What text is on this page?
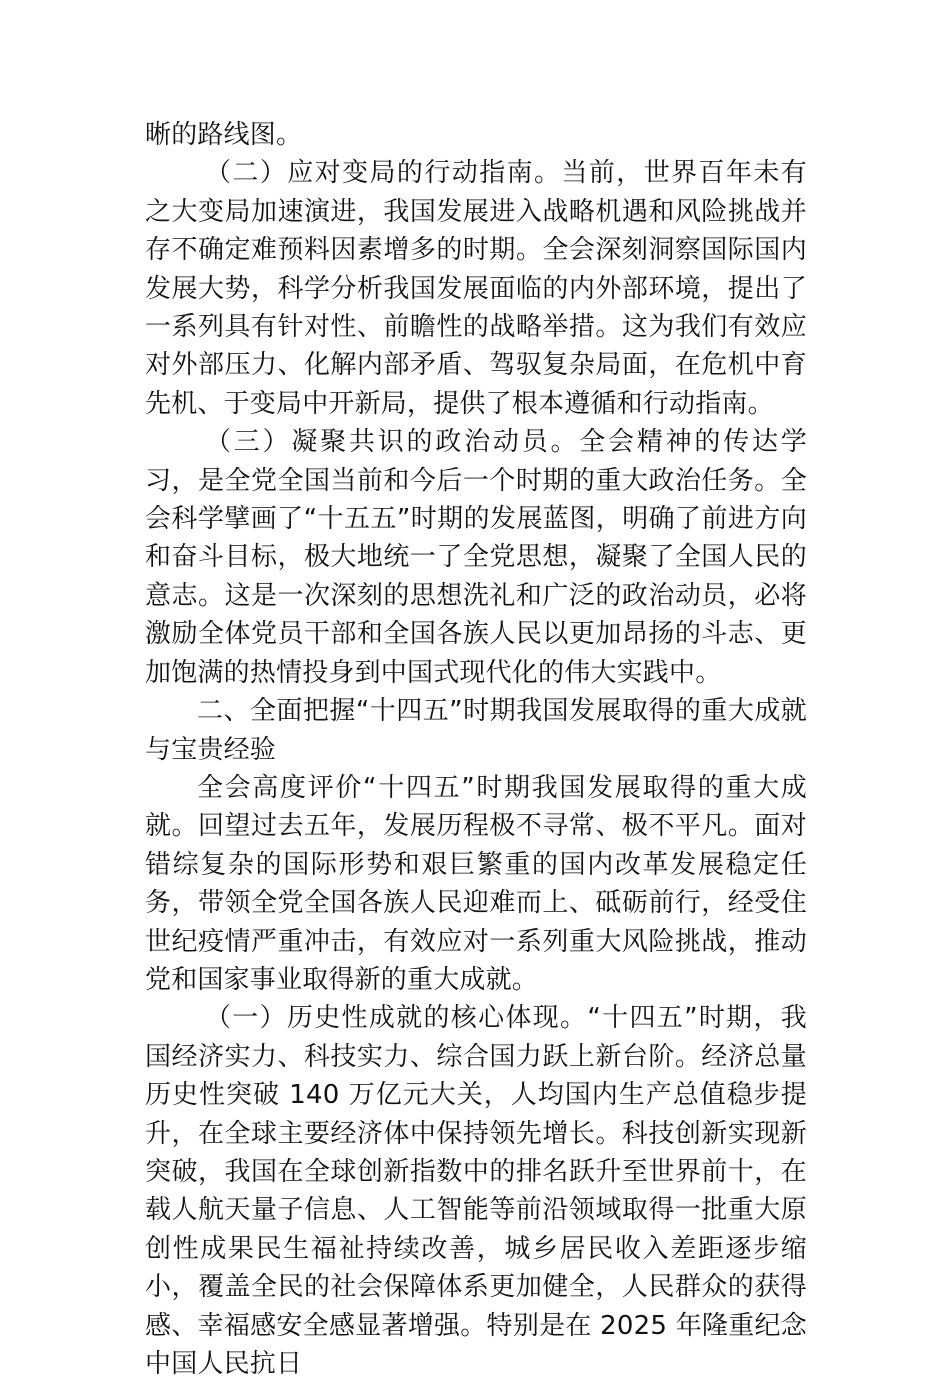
晰的路线图。

（二）应对变局的行动指南。当前，世界百年未有之大变局加速演进，我国发展进入战略机遇和风险挑战并存不确定难预料因素增多的时期。全会深刻洞察国际国内发展大势，科学分析我国发展面临的内外部环境，提出了一系列具有针对性、前瞻性的战略举措。这为我们有效应对外部压力、化解内部矛盾、驾驭复杂局面，在危机中育先机、于变局中开新局，提供了根本遵循和行动指南。

（三）凝聚共识的政治动员。全会精神的传达学习，是全党全国当前和今后一个时期的重大政治任务。全会科学擘画了“十五五”时期的发展蓝图，明确了前进方向和奋斗目标，极大地统一了全党思想，凝聚了全国人民的意志。这是一次深刻的思想洗礼和广泛的政治动员，必将激励全体党员干部和全国各族人民以更加昂扬的斗志、更加饱满的热情投身到中国式现代化的伟大实践中。

二、全面把握“十四五”时期我国发展取得的重大成就与宝贵经验

全会高度评价“十四五”时期我国发展取得的重大成就。回望过去五年，发展历程极不寻常、极不平凡。面对错综复杂的国际形势和艰巨繁重的国内改革发展稳定任务，带领全党全国各族人民迎难而上、砥砺前行，经受住世纪疫情严重冲击，有效应对一系列重大风险挑战，推动党和国家事业取得新的重大成就。

（一）历史性成就的核心体现。“十四五”时期，我国经济实力、科技实力、综合国力跃上新台阶。经济总量历史性突破 140 万亿元大关，人均国内生产总值稳步提升，在全球主要经济体中保持领先增长。科技创新实现新突破，我国在全球创新指数中的排名跃升至世界前十，在载人航天量子信息、人工智能等前沿领域取得一批重大原创性成果民生福祉持续改善，城乡居民收入差距逐步缩小，覆盖全民的社会保障体系更加健全，人民群众的获得感、幸福感安全感显著增强。特别是在 2025 年隆重纪念中国人民抗日
